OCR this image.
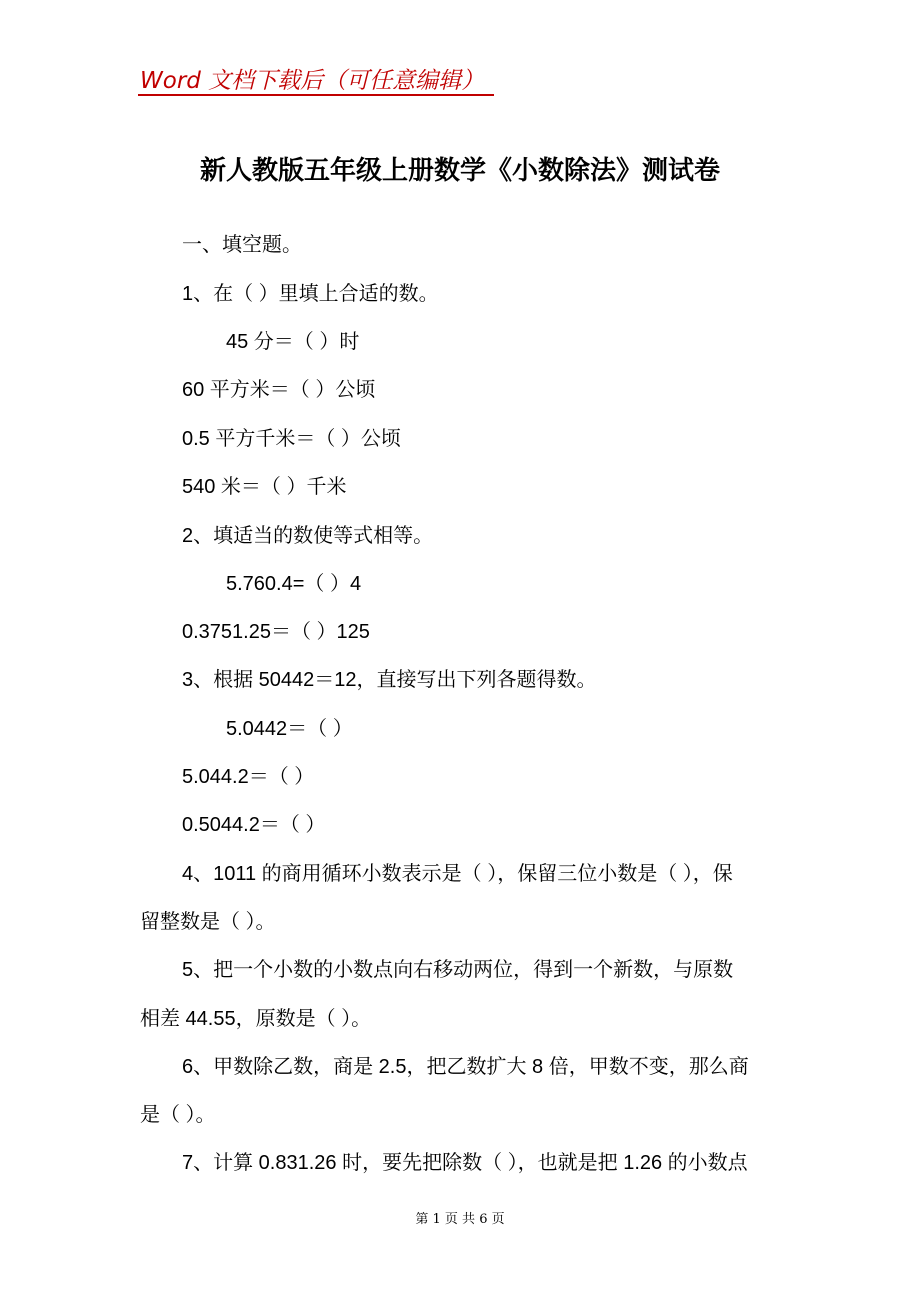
Word 文档下载后（可任意编辑）
新人教版五年级上册数学《小数除法》测试卷
一、填空题。
1、在（ ）里填上合适的数。
45 分＝（ ）时
60 平方米＝（ ）公顷
0.5 平方千米＝（ ）公顷
540 米＝（ ）千米
2、填适当的数使等式相等。
5.760.4=（ ）4
0.3751.25＝（ ）125
3、根据 50442＝12，直接写出下列各题得数。
5.0442＝（ ）
5.044.2＝（ ）
0.5044.2＝（ ）
4、1011 的商用循环小数表示是（ ），保留三位小数是（ ），保
留整数是（ ）。
5、把一个小数的小数点向右移动两位，得到一个新数，与原数
相差 44.55，原数是（ ）。
6、甲数除乙数，商是 2.5，把乙数扩大 8 倍，甲数不变，那么商
是（ ）。
7、计算 0.831.26 时，要先把除数（ ），也就是把 1.26 的小数点
第 1 页 共 6 页
